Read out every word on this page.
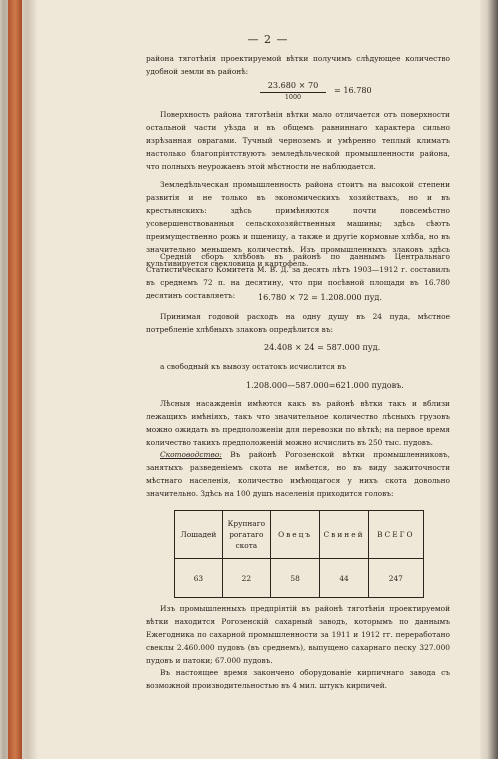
— 2 —

района тяготѣнія проектируемой вѣтки получимъ слѣдующее количество удобной земли въ районѣ:

23.680 × 70
1000
= 16.780

Поверхность района тяготѣнія вѣтки мало отличается отъ поверхности остальной части уѣзда и въ общемъ равниннаго характера сильно изрѣзанная оврагами. Тучный черноземъ и умѣренно теплый климатъ настолько благопріятствуютъ земледѣльческой промышленности района, что полныхъ неурожаевъ этой мѣстности не наблюдается.

Земледѣльческая промышленность района стоитъ на высокой степени развитія и не только въ экономическихъ хозяйствахъ, но и въ крестьянскихъ: здѣсь примѣняются почти повсемѣстно усовершенствованныя сельскохозяйственныя машины; здѣсь сѣютъ преимущественно рожь и пшеницу, а также и другіе кормовые хлѣба, но въ значительно меньшемъ количествѣ. Изъ промышленныхъ злаковъ здѣсь культивируется свекловица и картофель.

Средній сборъ хлѣбовъ въ районѣ по даннымъ Центральнаго Статистическаго Комитета М. В. Д. за десять лѣтъ 1903—1912 г. составилъ въ среднемъ 72 п. на десятину, что при посѣвной площади въ 16.780 десятинъ составляетъ:	16.780 × 72 = 1.208.000 пуд.

Принимая годовой расходъ на одну душу въ 24 пуда, мѣстное потребленіе хлѣбныхъ злаковъ опредѣлится въ:

24.408 × 24 = 587.000 пуд.

а свободный къ вывозу остатокъ исчислится въ

1.208.000—587.000=621.000 пудовъ.

Лѣсныя насажденія имѣются какъ въ районѣ вѣтки такъ и вблизи лежащихъ имѣніяхъ, такъ что значительное количество лѣсныхъ грузовъ можно ожидать въ предположеніи для перевозки по вѣткѣ; на первое время количество такихъ предположеній можно исчислить въ 250 тыс. пудовъ.

Скотоводство: Въ районѣ Рогозенской вѣтки промышленниковъ, занятыхъ разведеніемъ скота не имѣется, но въ виду зажиточности мѣстнаго населенія, количество имѣющагося у нихъ скота довольно значительно. Здѣсь на 100 душъ населенія приходится головъ:

Лошадей	Крупнаго рогатаго скота	Овецъ	Свиней	ВСЕГО
63	22	58	44	247

Изъ промышленныхъ предпріятій въ районѣ тяготѣнія проектируемой вѣтки находится Рогозенскій сахарный заводъ, которымъ по даннымъ Ежегодника по сахарной промышленности за 1911 и 1912 гг. переработано свеклы 2.460.000 пудовъ (въ среднемъ), выпущено сахарнаго песку 327.000 пудовъ и патоки; 67.000 пудовъ.

Въ настоящее время закончено оборудованіе кирпичнаго завода съ возможной производительностью въ 4 мил. штукъ кирпичей.
